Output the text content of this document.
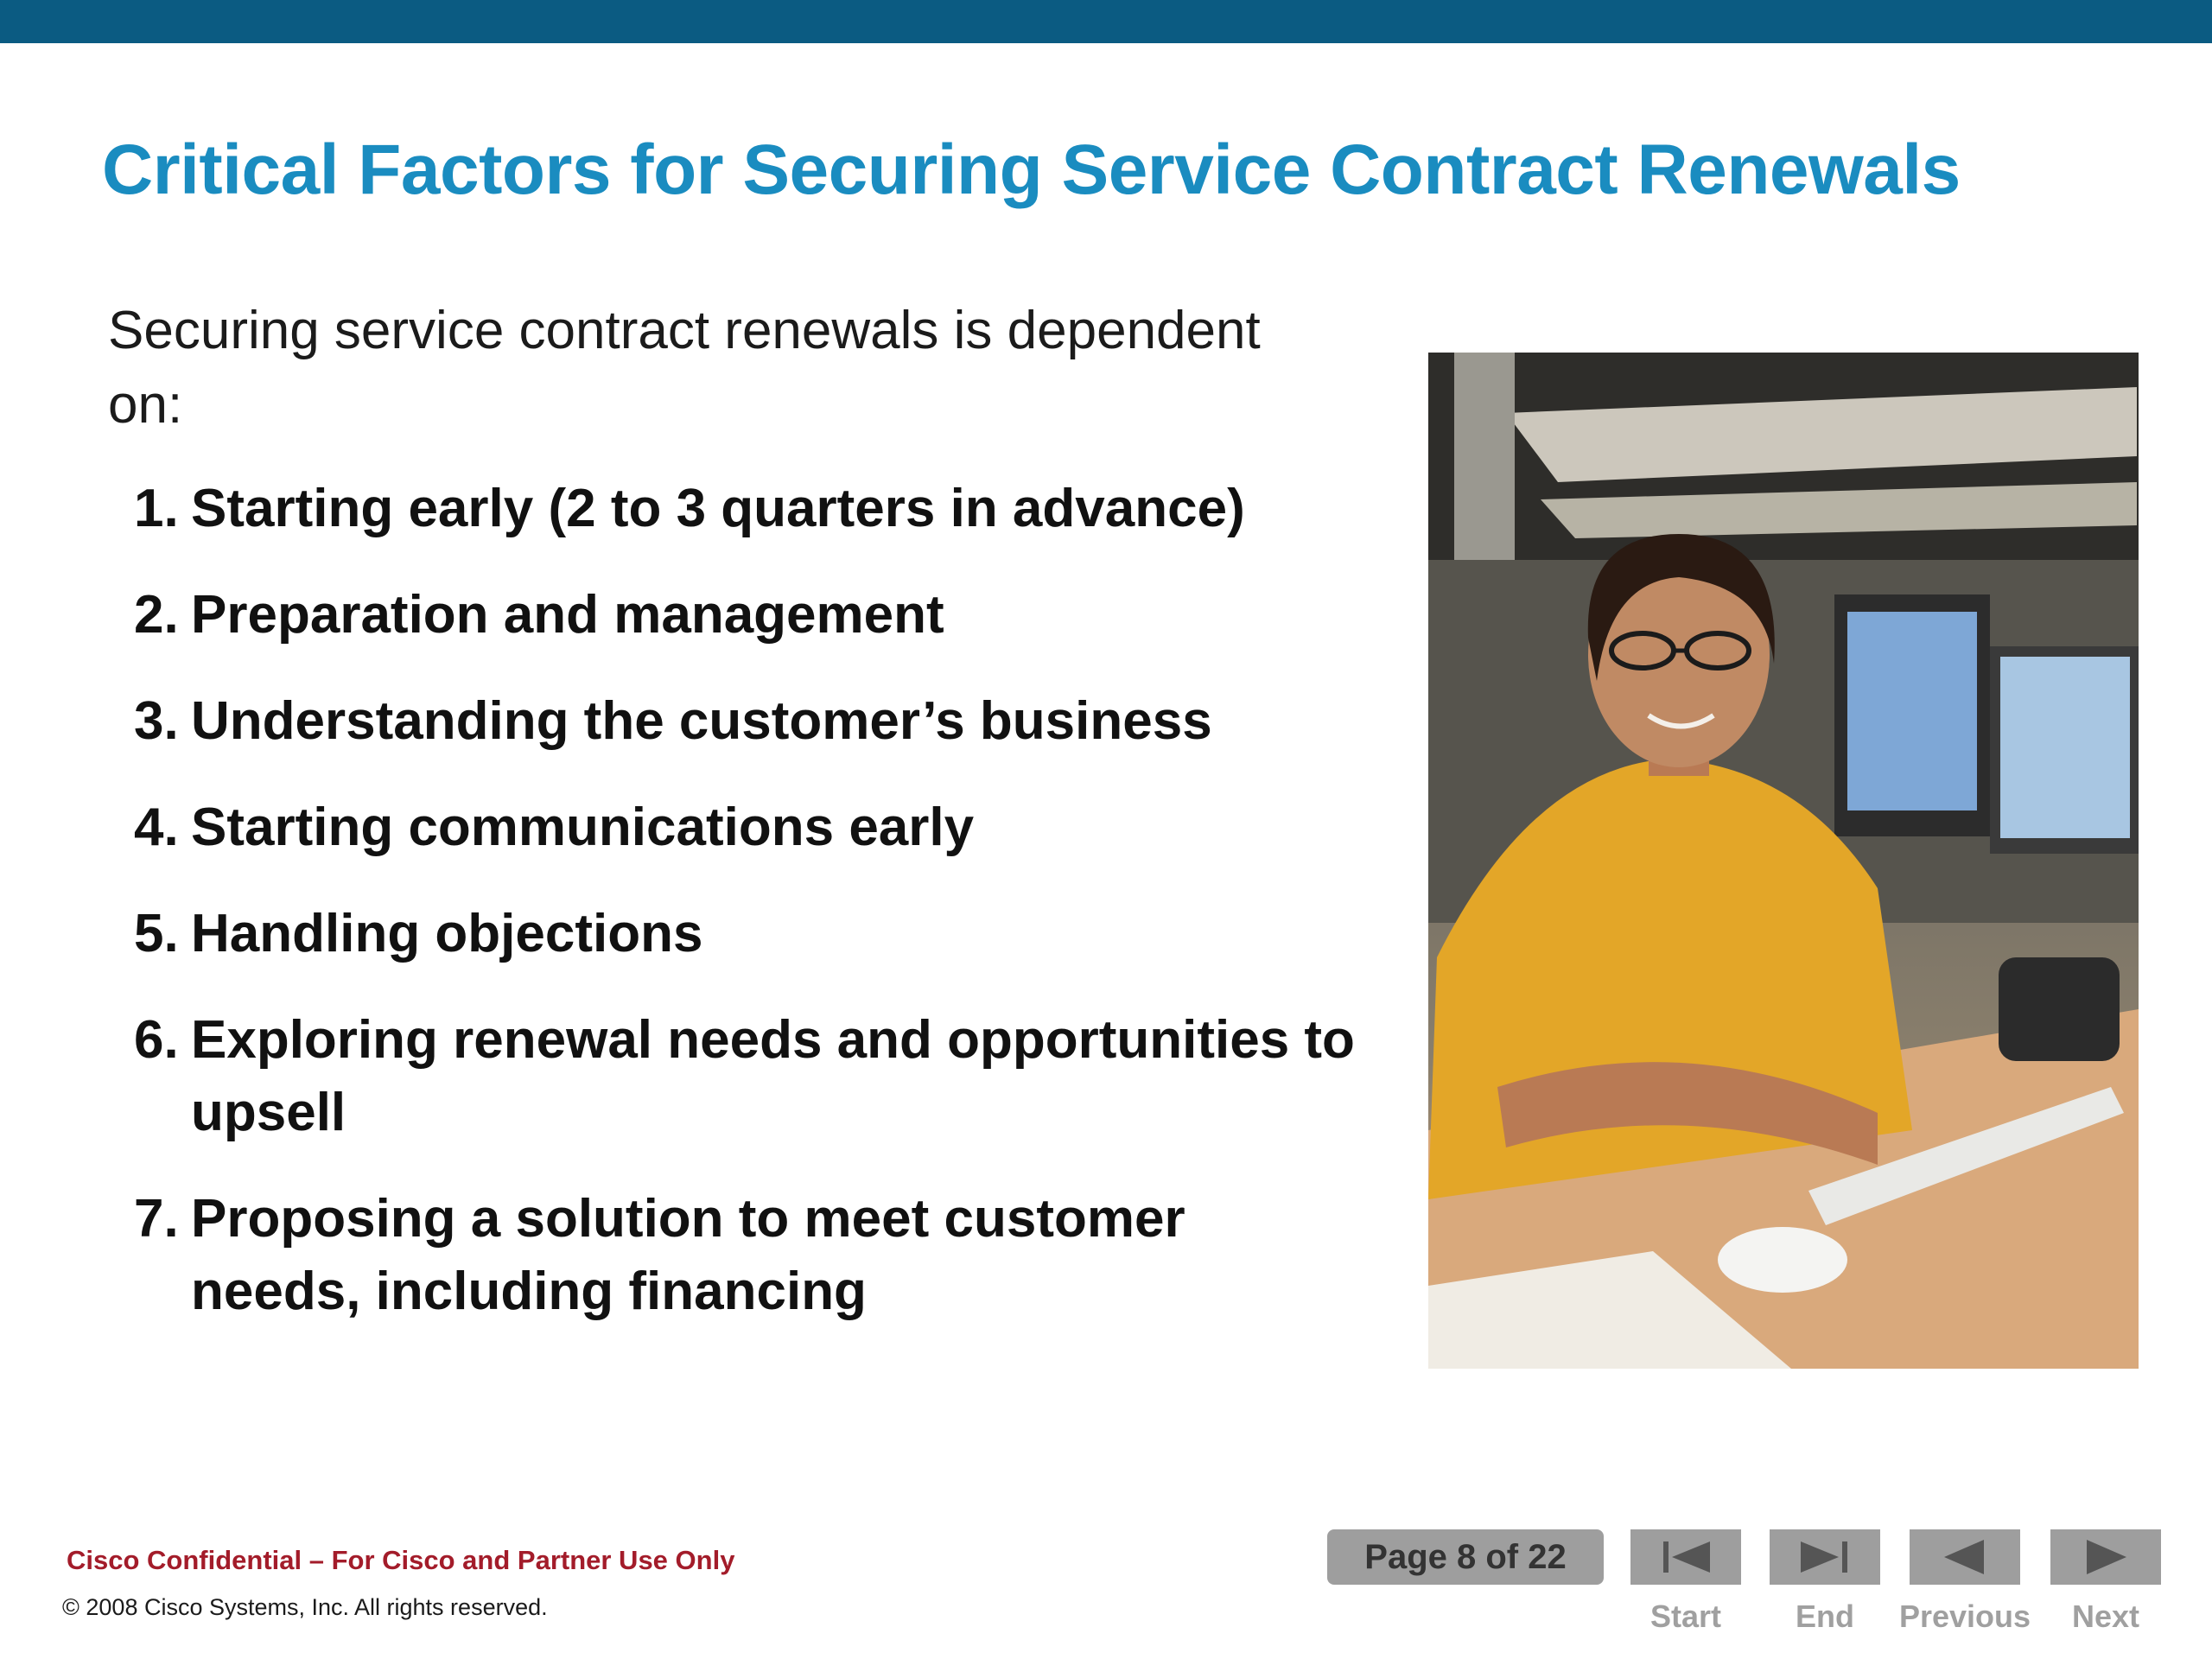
Critical Factors for Securing Service Contract Renewals
Securing service contract renewals is dependent on:
1. Starting early (2 to 3 quarters in advance)
2. Preparation and management
3. Understanding the customer’s business
4. Starting communications early
5. Handling objections
6. Exploring renewal needs and opportunities to upsell
7. Proposing a solution to meet customer needs, including financing
Cisco Confidential – For Cisco and Partner Use Only
© 2008 Cisco Systems, Inc. All rights reserved.
Page 8 of 22
Start	End	Previous	Next
